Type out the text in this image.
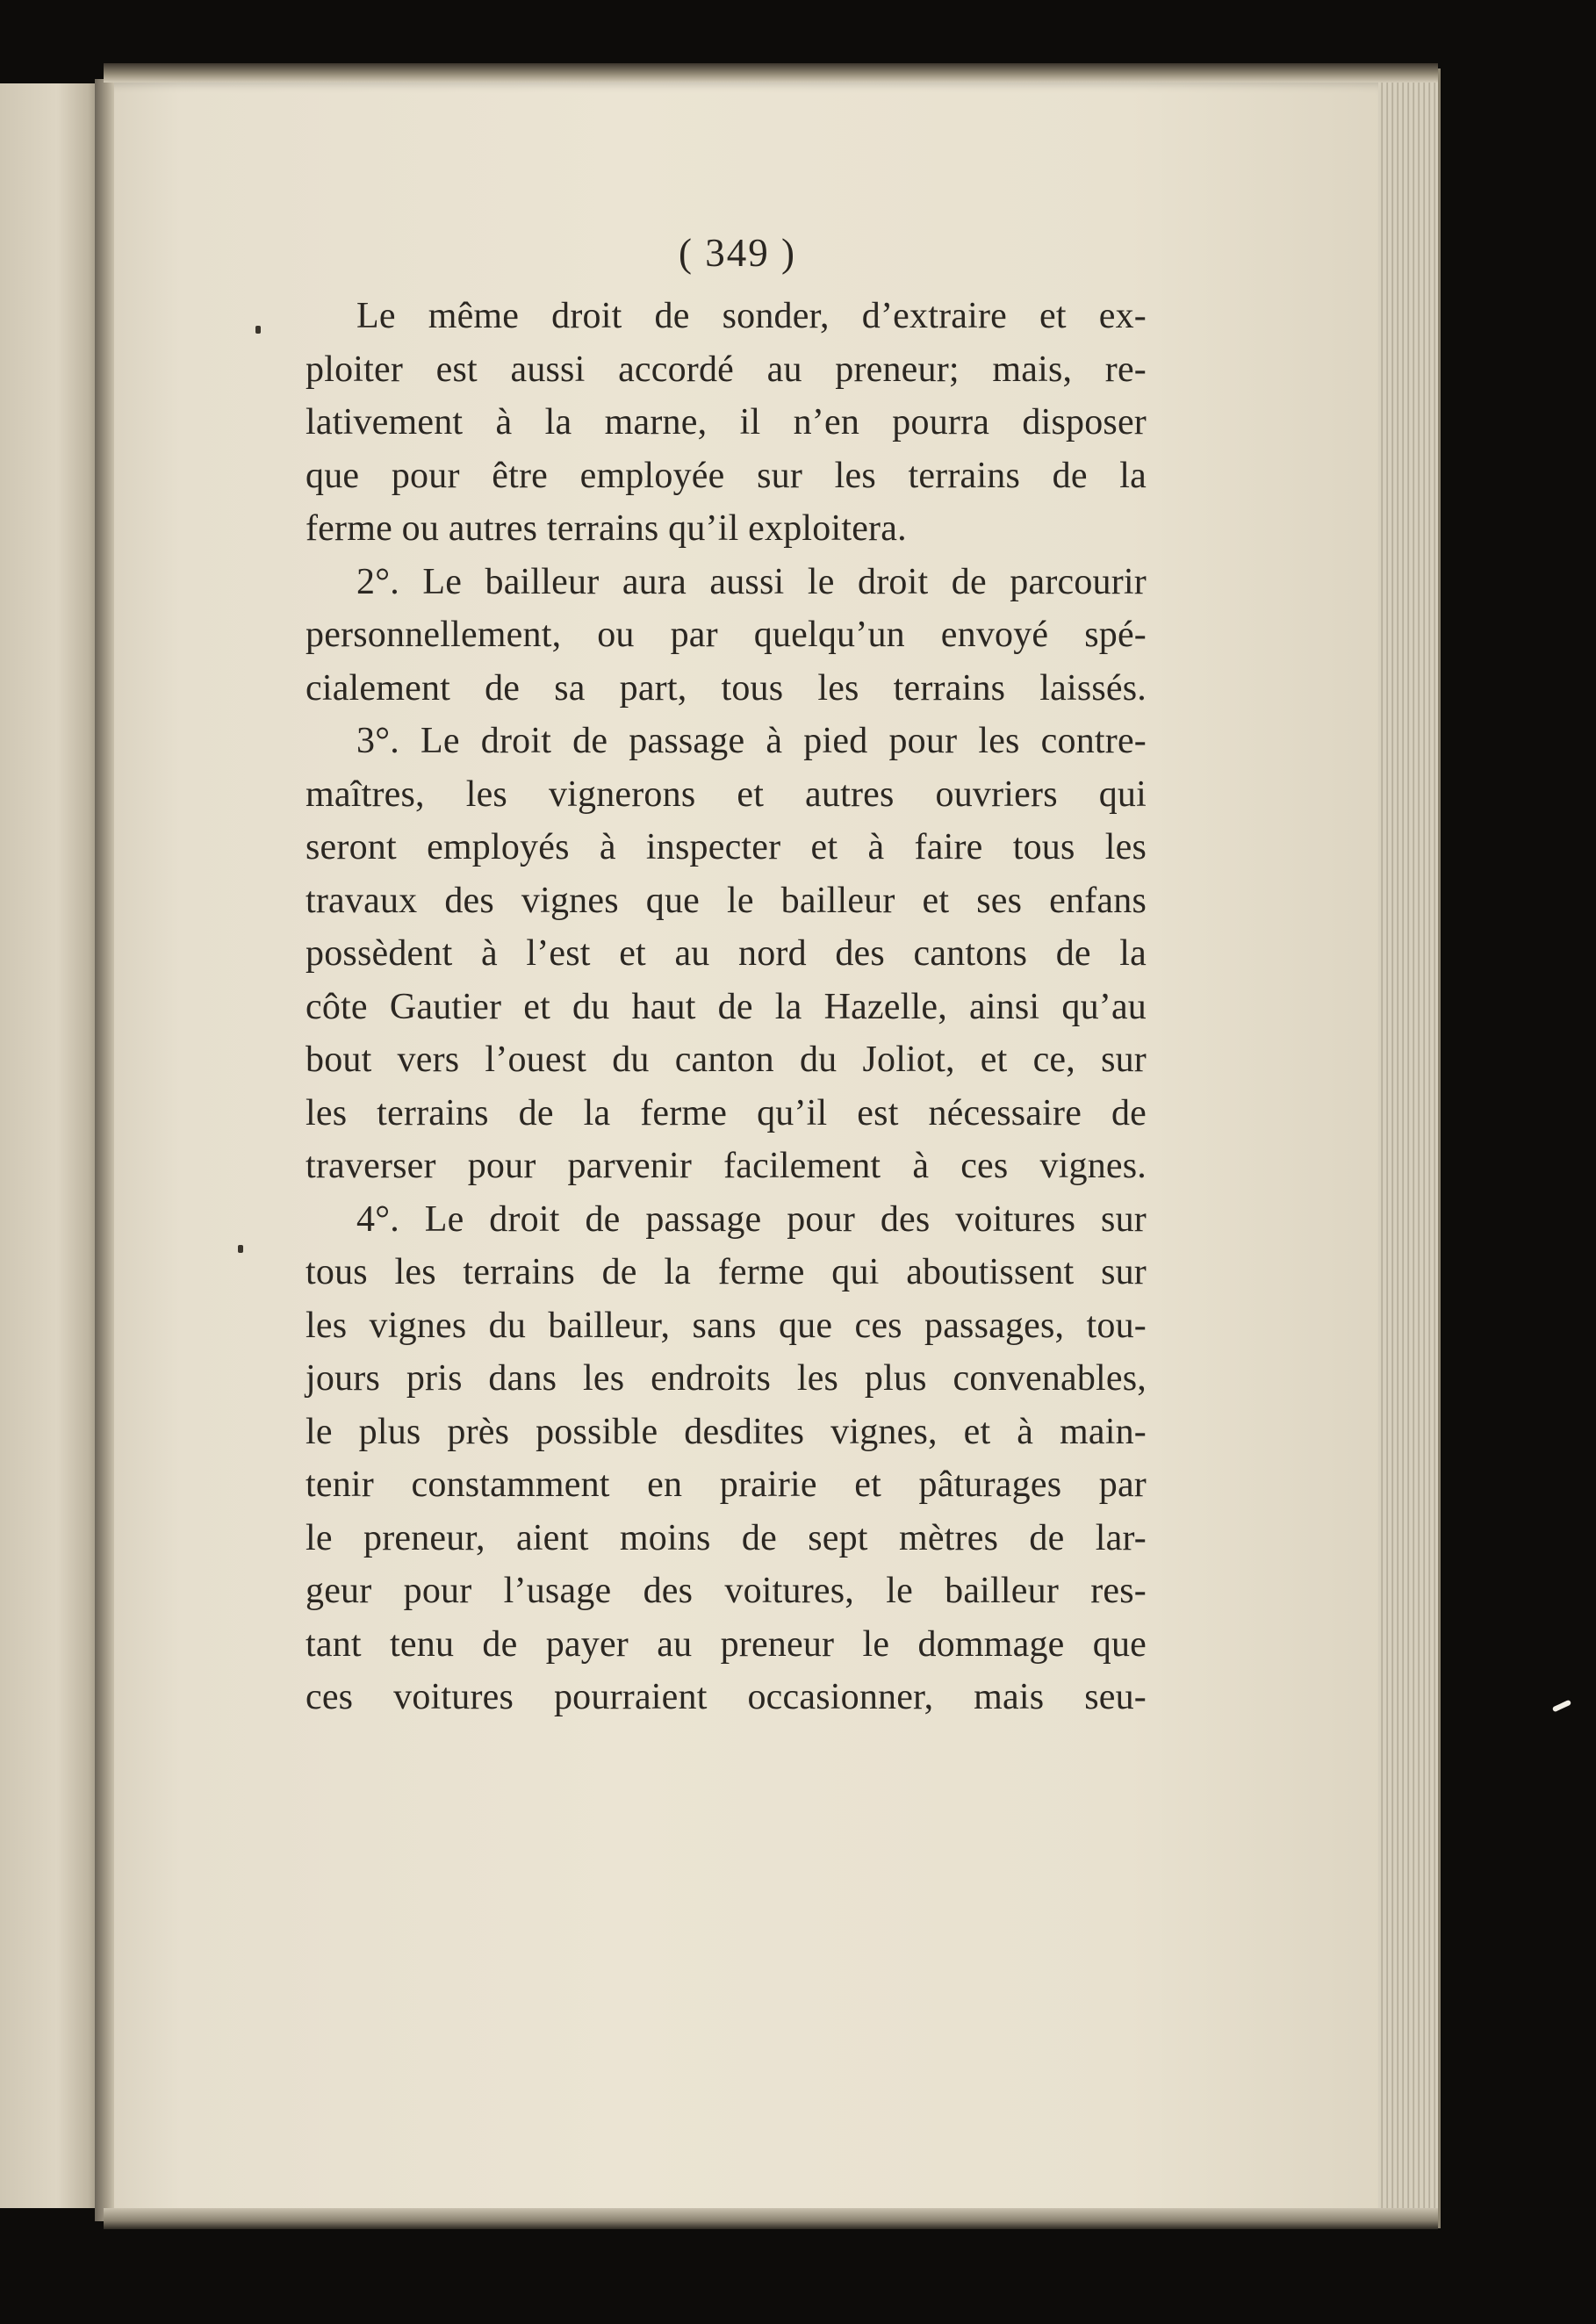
( 349 )
Le même droit de sonder, d’extraire et ex-
ploiter est aussi accordé au preneur; mais, re-
lativement à la marne, il n’en pourra disposer
que pour être employée sur les terrains de la
ferme ou autres terrains qu’il exploitera.
2°. Le bailleur aura aussi le droit de parcourir
personnellement, ou par quelqu’un envoyé spé-
cialement de sa part, tous les terrains laissés.
3°. Le droit de passage à pied pour les contre-
maîtres, les vignerons et autres ouvriers qui
seront employés à inspecter et à faire tous les
travaux des vignes que le bailleur et ses enfans
possèdent à l’est et au nord des cantons de la
côte Gautier et du haut de la Hazelle, ainsi qu’au
bout vers l’ouest du canton du Joliot, et ce, sur
les terrains de la ferme qu’il est nécessaire de
traverser pour parvenir facilement à ces vignes.
4°. Le droit de passage pour des voitures sur
tous les terrains de la ferme qui aboutissent sur
les vignes du bailleur, sans que ces passages, tou-
jours pris dans les endroits les plus convenables,
le plus près possible desdites vignes, et à main-
tenir constamment en prairie et pâturages par
le preneur, aient moins de sept mètres de lar-
geur pour l’usage des voitures, le bailleur res-
tant tenu de payer au preneur le dommage que
ces voitures pourraient occasionner, mais seu-
